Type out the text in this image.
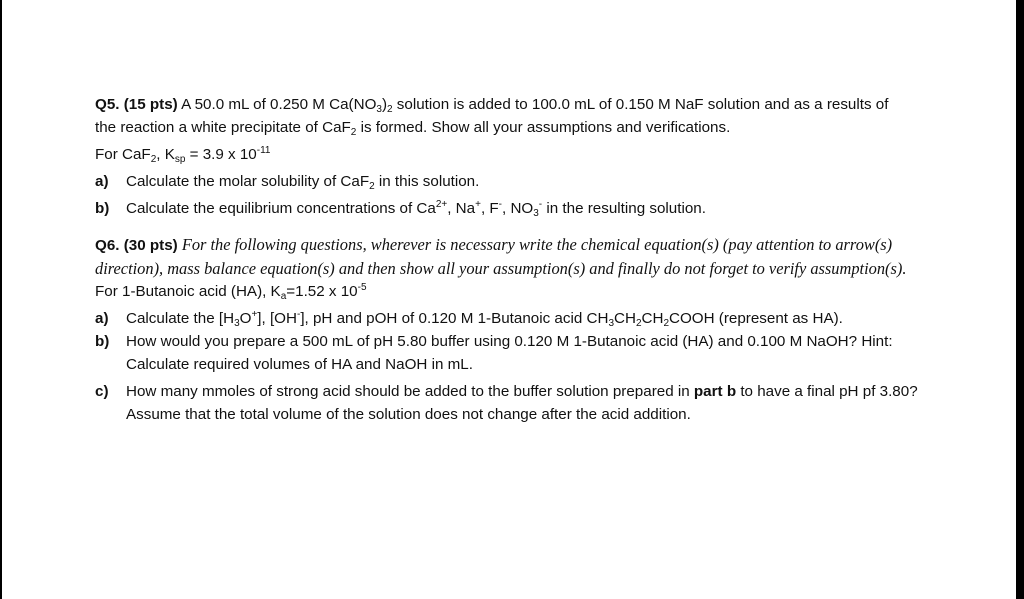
Q5. (15 pts) A 50.0 mL of 0.250 M $Ca(NO_3)_2$ solution is added to 100.0 mL of 0.150 M NaF solution and as a results of
the reaction a white precipitate of CaF$_2$ is formed. Show all your assumptions and verifications.
For CaF$_2$, $K_{sp} = 3.9$ x $10^{-11}$
a) Calculate the molar solubility of CaF$_2$ in this solution.
b) Calculate the equilibrium concentrations of $Ca^{2+}$, Na+, F-, $NO_3^-$ in the resulting solution.
Q6. (30 pts) For the following questions, wherever is necessary write the chemical equation(s) (pay attention to arrow(s)
direction), mass balance equation(s) and then show all your assumption(s) and finally do not forget to verify assumption(s).
For 1-Butanoic acid (HA), $K_a=1.52$ x $10^{-5}$
a) Calculate the $[H_3O^+]$, [OH-], pH and pOH of 0.120 M 1-Butanoic acid $CH_3CH_2CH_2COOH$ (represent as HA).
b) How would you prepare a 500 mL of pH 5.80 buffer using 0.120 M 1-Butanoic acid (HA) and 0.100 M NaOH? Hint:
Calculate required volumes of HA and NaOH in mL.
c) How many mmoles of strong acid should be added to the buffer solution prepared in part b to have a final pH pf 3.80?
Assume that the total volume of the solution does not change after the acid addition.
